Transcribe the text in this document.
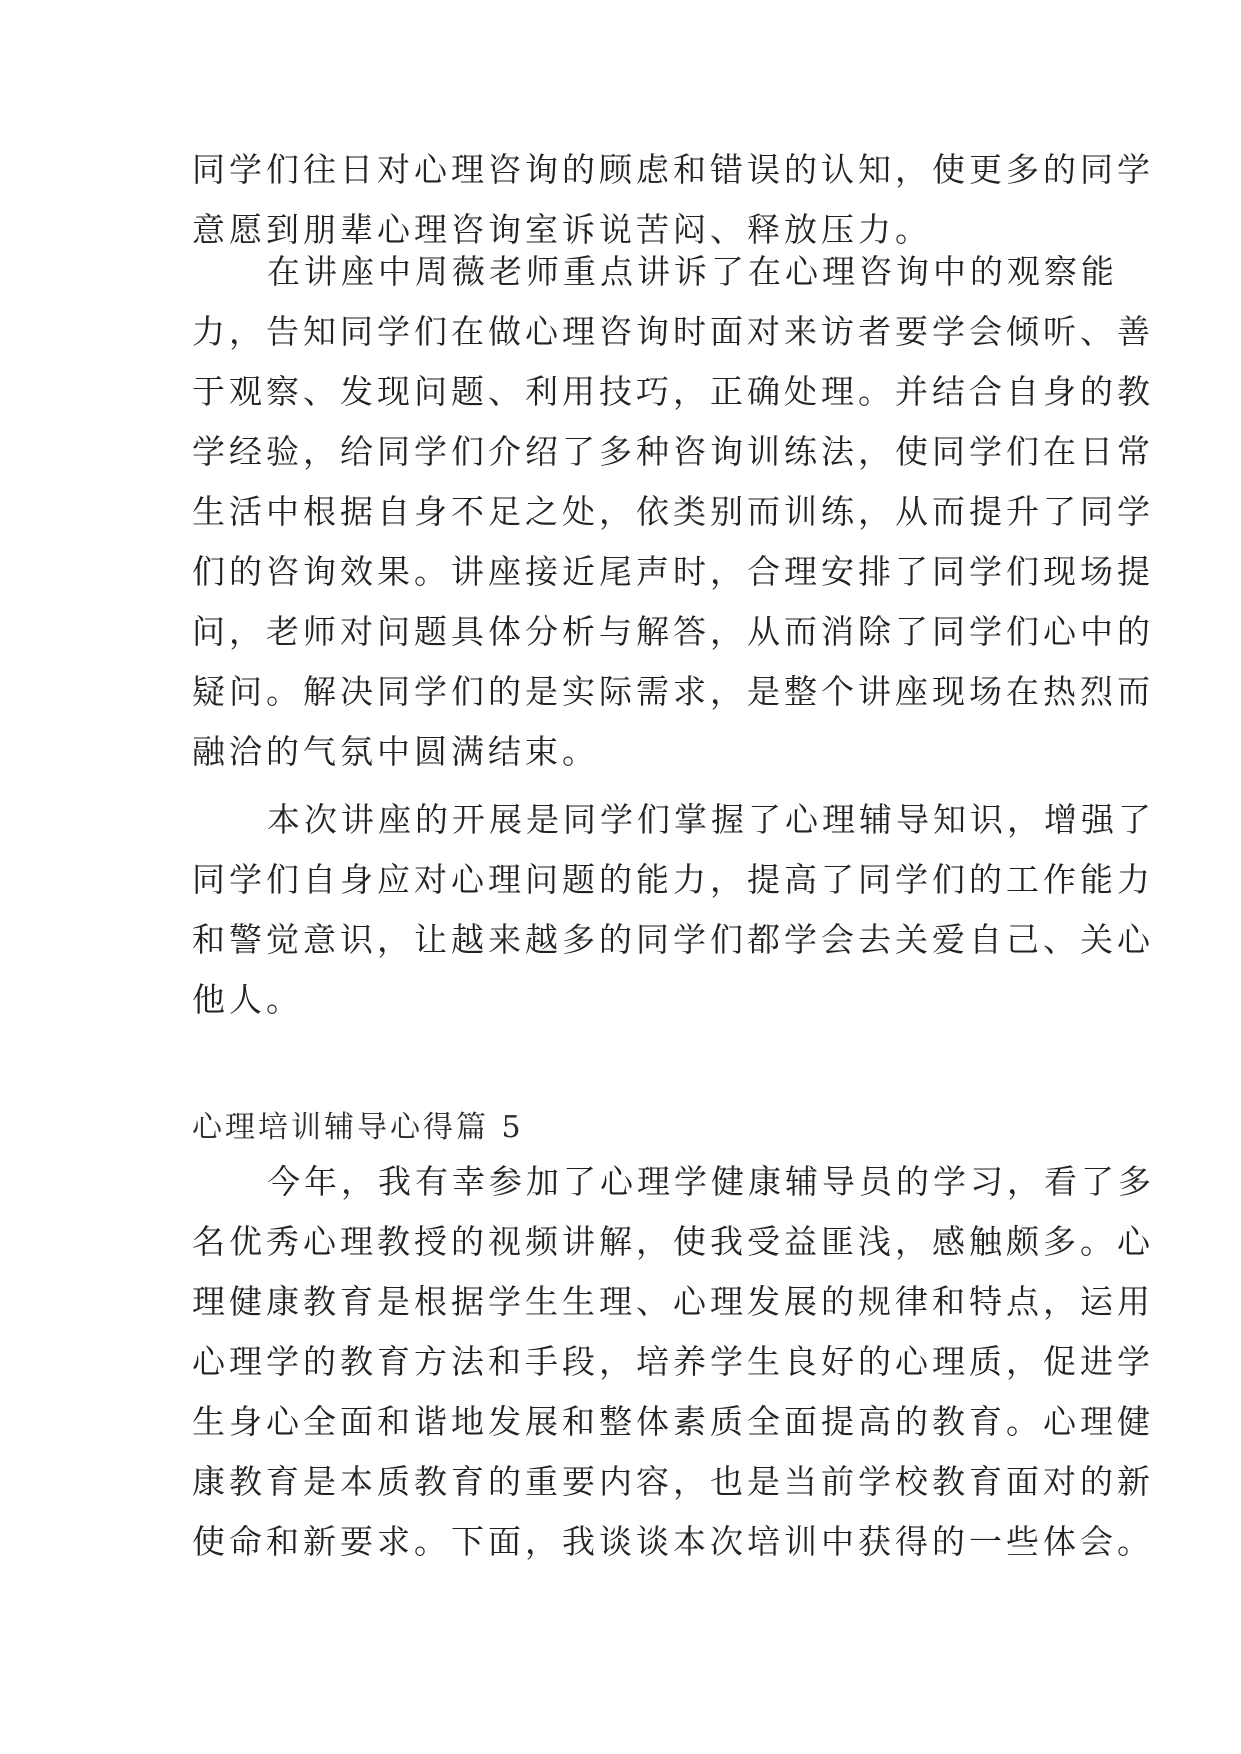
同学们往日对心理咨询的顾虑和错误的认知，使更多的同学
意愿到朋辈心理咨询室诉说苦闷、释放压力。
在讲座中周薇老师重点讲诉了在心理咨询中的观察能
力，告知同学们在做心理咨询时面对来访者要学会倾听、善
于观察、发现问题、利用技巧，正确处理。并结合自身的教
学经验，给同学们介绍了多种咨询训练法，使同学们在日常
生活中根据自身不足之处，依类别而训练，从而提升了同学
们的咨询效果。讲座接近尾声时，合理安排了同学们现场提
问，老师对问题具体分析与解答，从而消除了同学们心中的
疑问。解决同学们的是实际需求，是整个讲座现场在热烈而
融洽的气氛中圆满结束。
本次讲座的开展是同学们掌握了心理辅导知识，增强了
同学们自身应对心理问题的能力，提高了同学们的工作能力
和警觉意识，让越来越多的同学们都学会去关爱自己、关心
他人。
心理培训辅导心得篇 5
今年，我有幸参加了心理学健康辅导员的学习，看了多
名优秀心理教授的视频讲解，使我受益匪浅，感触颇多。心
理健康教育是根据学生生理、心理发展的规律和特点，运用
心理学的教育方法和手段，培养学生良好的心理质，促进学
生身心全面和谐地发展和整体素质全面提高的教育。心理健
康教育是本质教育的重要内容，也是当前学校教育面对的新
使命和新要求。下面，我谈谈本次培训中获得的一些体会。
